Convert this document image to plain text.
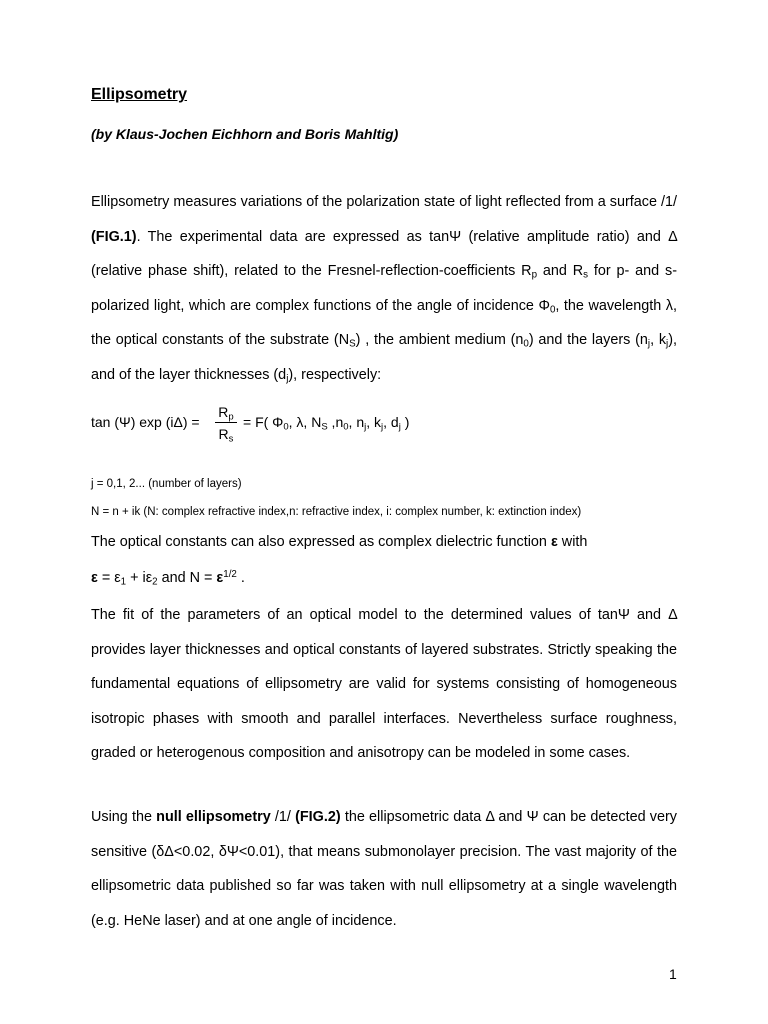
Ellipsometry

(by Klaus-Jochen Eichhorn and Boris Mahltig)

Ellipsometry measures variations of the polarization state of light reflected from a surface /1/ (FIG.1). The experimental data are expressed as tanΨ (relative amplitude ratio) and Δ (relative phase shift), related to the Fresnel-reflection-coefficients $R_p$ and $R_s$ for p- and s- polarized light, which are complex functions of the angle of incidence $\Phi_0$, the wavelength λ, the optical constants of the substrate $(N_S)$ , the ambient medium $(n_0)$ and the layers ($n_j$, $k_j$), and of the layer thicknesses $(d_j)$, respectively:

tan (Ψ) exp (iΔ) =
$R_p$
$R_s$
= F( $\Phi_0$, λ, $N_S$ $,n_0$, $n_j$, $k_j$, $d_j$ )

j = 0,1, 2... (number of layers)

N = n + ik (N: complex refractive index,n: refractive index, i: complex number, k: extinction index)

The optical constants can also expressed as complex dielectric function ε with

$\varepsilon = \varepsilon_1 + i\varepsilon_2$ and $N = \varepsilon^{1/2}$ .

The fit of the parameters of an optical model to the determined values of tanΨ and Δ provides layer thicknesses and optical constants of layered substrates. Strictly speaking the fundamental equations of ellipsometry are valid for systems consisting of homogeneous isotropic phases with smooth and parallel interfaces. Nevertheless surface roughness, graded or heterogenous composition and anisotropy can be modeled in some cases.

Using the null ellipsometry /1/ (FIG.2) the ellipsometric data Δ and Ψ can be detected very sensitive (δΔ<0.02, δΨ<0.01), that means submonolayer precision. The vast majority of the ellipsometric data published so far was taken with null ellipsometry at a single wavelength (e.g. HeNe laser) and at one angle of incidence.

1
